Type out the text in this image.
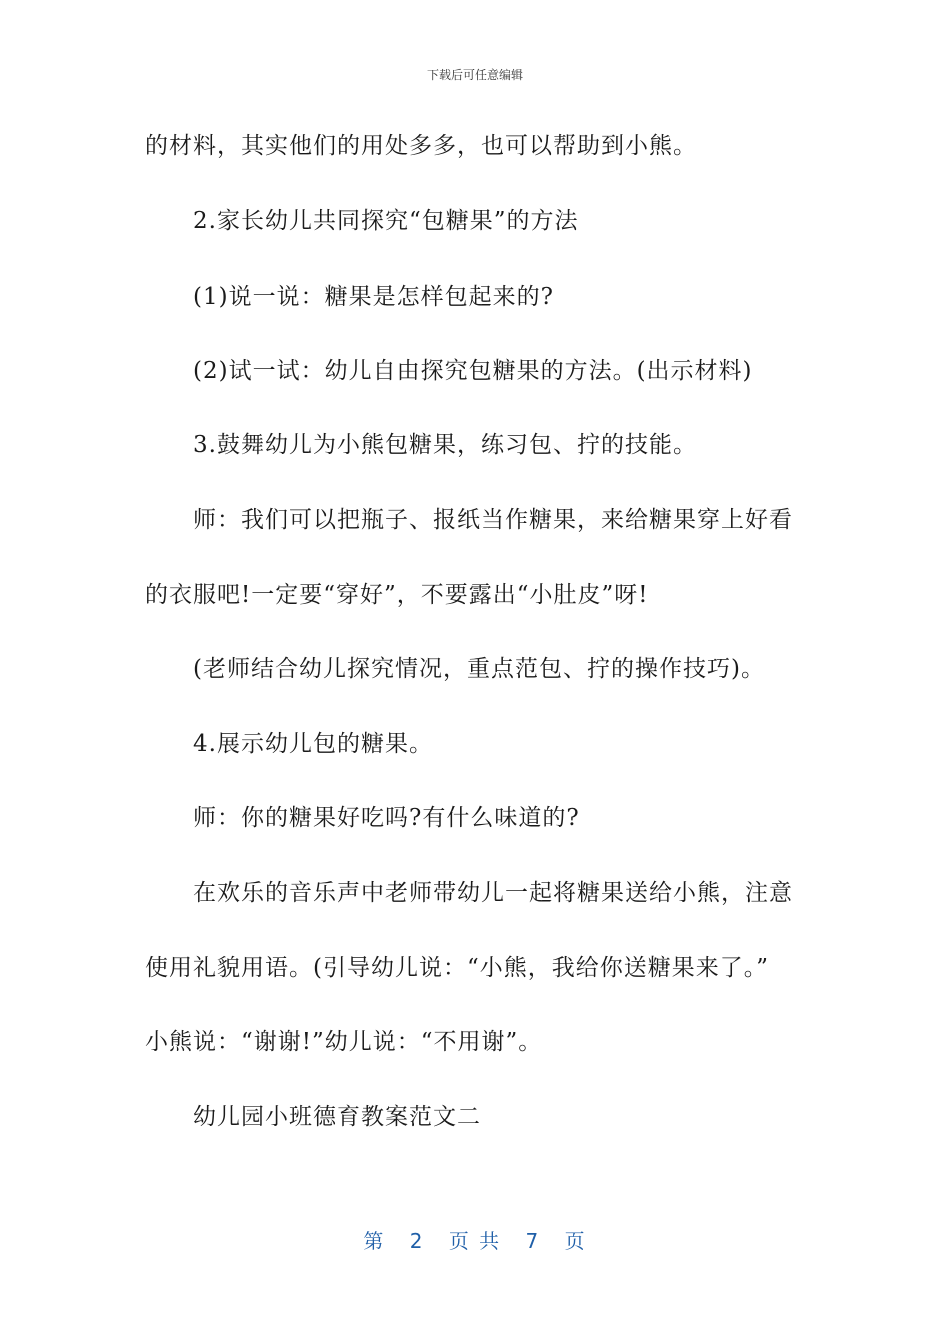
下载后可任意编辑
的材料，其实他们的用处多多，也可以帮助到小熊。
2.家长幼儿共同探究“包糖果”的方法
(1)说一说：糖果是怎样包起来的?
(2)试一试：幼儿自由探究包糖果的方法。(出示材料)
3.鼓舞幼儿为小熊包糖果，练习包、拧的技能。
师：我们可以把瓶子、报纸当作糖果，来给糖果穿上好看
的衣服吧!一定要“穿好”，不要露出“小肚皮”呀!
(老师结合幼儿探究情况，重点范包、拧的操作技巧)。
4.展示幼儿包的糖果。
师：你的糖果好吃吗?有什么味道的?
在欢乐的音乐声中老师带幼儿一起将糖果送给小熊，注意
使用礼貌用语。(引导幼儿说：“小熊，我给你送糖果来了。”
小熊说：“谢谢!”幼儿说：“不用谢”。
幼儿园小班德育教案范文二
第 2 页 共 7 页
